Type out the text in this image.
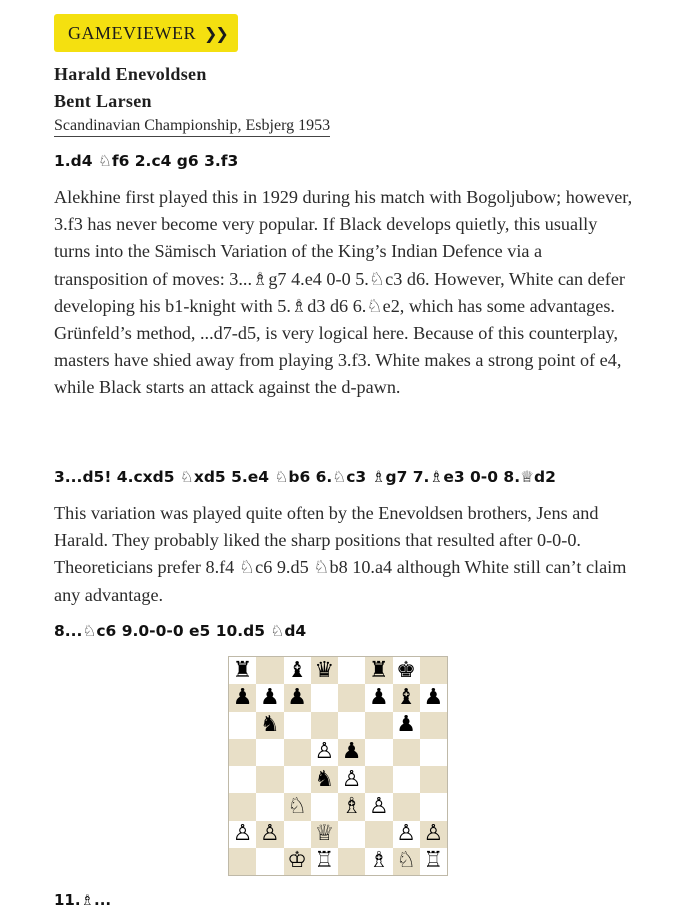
GAMEVIEWER ❯❯
Harald Enevoldsen
Bent Larsen
Scandinavian Championship, Esbjerg 1953
1.d4 ♘f6 2.c4 g6 3.f3

Alekhine first played this in 1929 during his match with Bogoljubow; however, 3.f3 has never become very popular. If Black develops quietly, this usually turns into the Sämisch Variation of the King’s Indian Defence via a transposition of moves: 3...♗g7 4.e4 0-0 5.♘c3 d6. However, White can defer developing his b1-knight with 5.♗d3 d6 6.♘e2, which has some advantages. Grünfeld’s method, ...d7-d5, is very logical here. Because of this counterplay, masters have shied away from playing 3.f3. White makes a strong point of e4, while Black starts an attack against the d-pawn.

3...d5! 4.cxd5 ♘xd5 5.e4 ♘b6 6.♘c3 ♗g7 7.♗e3 0-0 8.♕d2

This variation was played quite often by the Enevoldsen brothers, Jens and Harald. They probably liked the sharp positions that resulted after 0-0-0. Theoreticians prefer 8.f4 ♘c6 9.d5 ♘b8 10.a4 although White still can’t claim any advantage.

8...♘c6 9.0-0-0 e5 10.d5 ♘d4
♜ ♝ ♛ ♜ ♚
♟ ♟ ♟	♟ ♝ ♟
♞	♟
♙ ♟
♞ ♙
♘ ♗ ♙
♙ ♙ ♕	♙ ♙
♔ ♖ ♗ ♘ ♖
11.♗...
